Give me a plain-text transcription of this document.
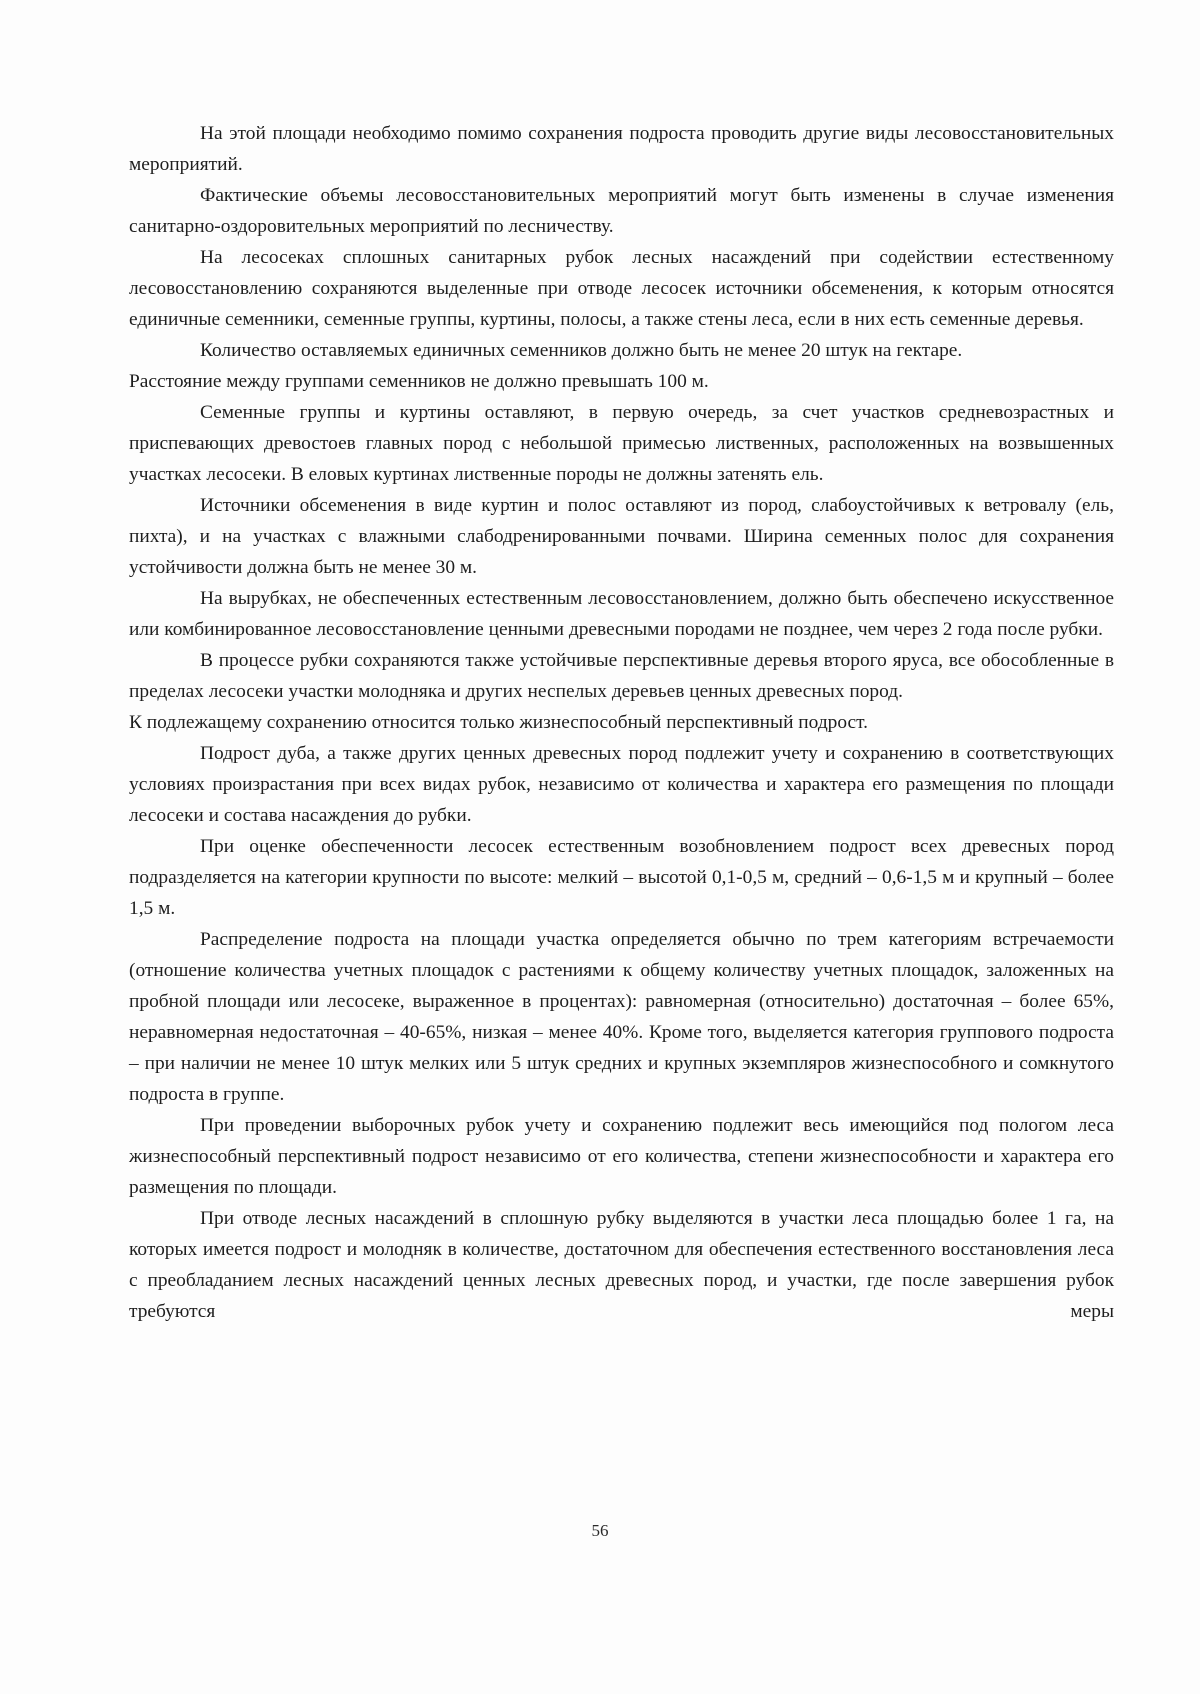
На этой площади необходимо помимо сохранения подроста проводить другие виды лесовосстановительных мероприятий.

Фактические объемы лесовосстановительных мероприятий могут быть изменены в случае изменения санитарно-оздоровительных мероприятий по лесничеству.

На лесосеках сплошных санитарных рубок лесных насаждений при содействии естественному лесовосстановлению сохраняются выделенные при отводе лесосек источники обсеменения, к которым относятся единичные семенники, семенные группы, куртины, полосы, а также стены леса, если в них есть семенные деревья.

Количество оставляемых единичных семенников должно быть не менее 20 штук на гектаре.

Расстояние между группами семенников не должно превышать 100 м.

Семенные группы и куртины оставляют, в первую очередь, за счет участков средневозрастных и приспевающих древостоев главных пород с небольшой примесью лиственных, расположенных на возвышенных участках лесосеки. В еловых куртинах лиственные породы не должны затенять ель.

Источники обсеменения в виде куртин и полос оставляют из пород, слабоустойчивых к ветровалу (ель, пихта), и на участках с влажными слабодренированными почвами. Ширина семенных полос для сохранения устойчивости должна быть не менее 30 м.

На вырубках, не обеспеченных естественным лесовосстановлением, должно быть обеспечено искусственное или комбинированное лесовосстановление ценными древесными породами не позднее, чем через 2 года после рубки.

В процессе рубки сохраняются также устойчивые перспективные деревья второго яруса, все обособленные в пределах лесосеки участки молодняка и других неспелых деревьев ценных древесных пород.

К подлежащему сохранению относится только жизнеспособный перспективный подрост.

Подрост дуба, а также других ценных древесных пород подлежит учету и сохранению в соответствующих условиях произрастания при всех видах рубок, независимо от количества и характера его размещения по площади лесосеки и состава насаждения до рубки.

При оценке обеспеченности лесосек естественным возобновлением подрост всех древесных пород подразделяется на категории крупности по высоте: мелкий – высотой 0,1-0,5 м, средний – 0,6-1,5 м и крупный – более 1,5 м.

Распределение подроста на площади участка определяется обычно по трем категориям встречаемости (отношение количества учетных площадок с растениями к общему количеству учетных площадок, заложенных на пробной площади или лесосеке, выраженное в процентах): равномерная (относительно) достаточная – более 65%, неравномерная недостаточная – 40-65%, низкая – менее 40%. Кроме того, выделяется категория группового подроста – при наличии не менее 10 штук мелких или 5 штук средних и крупных экземпляров жизнеспособного и сомкнутого подроста в группе.

При проведении выборочных рубок учету и сохранению подлежит весь имеющийся под пологом леса жизнеспособный перспективный подрост независимо от его количества, степени жизнеспособности и характера его размещения по площади.

При отводе лесных насаждений в сплошную рубку выделяются в участки леса площадью более 1 га, на которых имеется подрост и молодняк в количестве, достаточном для обеспечения естественного восстановления леса с преобладанием лесных насаждений ценных лесных древесных пород, и участки, где после завершения рубок требуются меры

56
